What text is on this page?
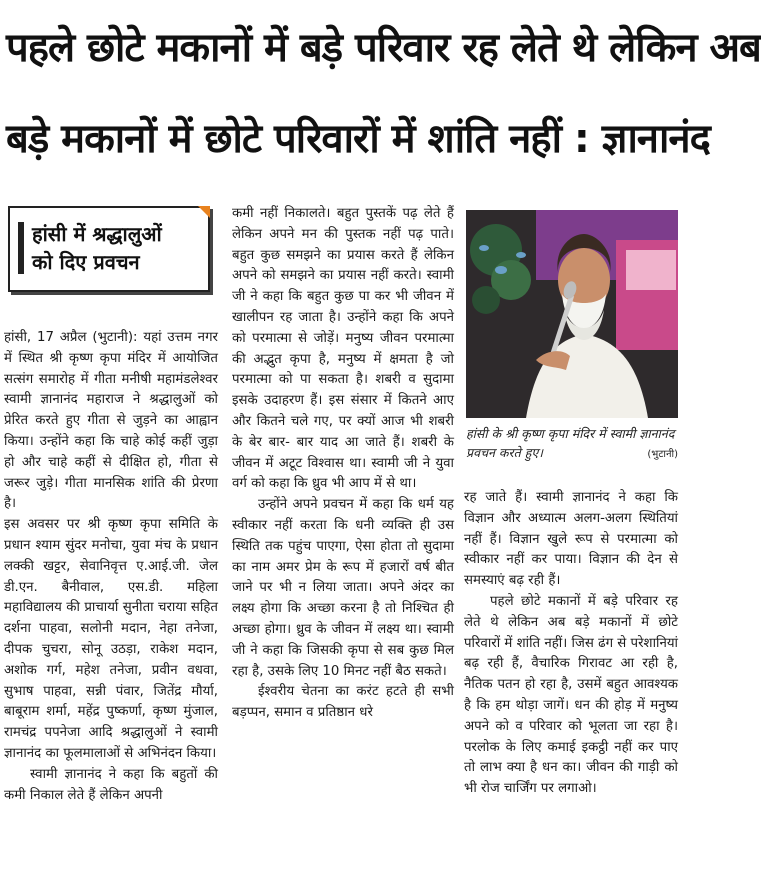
पहले छोटे मकानों में बड़े परिवार रह लेते थे लेकिन अब
बड़े मकानों में छोटे परिवारों में शांति नहीं : ज्ञानानंद
हांसी में श्रद्धालुओं
को दिए प्रवचन

हांसी, 17 अप्रैल (भुटानी): यहां उत्तम नगर में स्थित श्री कृष्ण कृपा मंदिर में आयोजित सत्संग समारोह में गीता मनीषी महामंडलेश्वर स्वामी ज्ञानानंद महाराज ने श्रद्धालुओं को प्रेरित करते हुए गीता से जुड़ने का आह्वान किया। उन्होंने कहा कि चाहे कोई कहीं जुड़ा हो और चाहे कहीं से दीक्षित हो, गीता से जरूर जुड़े। गीता मानसिक शांति की प्रेरणा है।

इस अवसर पर श्री कृष्ण कृपा समिति के प्रधान श्याम सुंदर मनोचा, युवा मंच के प्रधान लक्की खट्टर, सेवानिवृत्त ए.आई.जी. जेल डी.एन. बैनीवाल, एस.डी. महिला महाविद्यालय की प्राचार्या सुनीता चराया सहित दर्शना पाहवा, सलोनी मदान, नेहा तनेजा, दीपक चुचरा, सोनू उठड़ा, राकेश मदान, अशोक गर्ग, महेश तनेजा, प्रवीन वधवा, सुभाष पाहवा, सन्नी पंवार, जितेंद्र मौर्या, बाबूराम शर्मा, महेंद्र पुष्कर्णा, कृष्ण मुंजाल, रामचंद्र पपनेजा आदि श्रद्धालुओं ने स्वामी ज्ञानानंद का फूलमालाओं से अभिनंदन किया।

स्वामी ज्ञानानंद ने कहा कि बहुतों की कमी निकाल लेते हैं लेकिन अपनी

कमी नहीं निकालते। बहुत पुस्तकें पढ़ लेते हैं लेकिन अपने मन की पुस्तक नहीं पढ़ पाते। बहुत कुछ समझने का प्रयास करते हैं लेकिन अपने को समझने का प्रयास नहीं करते। स्वामी जी ने कहा कि बहुत कुछ पा कर भी जीवन में खालीपन रह जाता है। उन्होंने कहा कि अपने को परमात्मा से जोड़ें। मनुष्य जीवन परमात्मा की अद्भुत कृपा है, मनुष्य में क्षमता है जो परमात्मा को पा सकता है। शबरी व सुदामा इसके उदाहरण हैं। इस संसार में कितने आए और कितने चले गए, पर क्यों आज भी शबरी के बेर बार- बार याद आ जाते हैं। शबरी के जीवन में अटूट विश्वास था। स्वामी जी ने युवा वर्ग को कहा कि ध्रुव भी आप में से था।

उन्होंने अपने प्रवचन में कहा कि धर्म यह स्वीकार नहीं करता कि धनी व्यक्ति ही उस स्थिति तक पहुंच पाएगा, ऐसा होता तो सुदामा का नाम अमर प्रेम के रूप में हजारों वर्ष बीत जाने पर भी न लिया जाता। अपने अंदर का लक्ष्य होगा कि अच्छा करना है तो निश्चित ही अच्छा होगा। ध्रुव के जीवन में लक्ष्य था। स्वामी जी ने कहा कि जिसकी कृपा से सब कुछ मिल रहा है, उसके लिए 10 मिनट नहीं बैठ सकते।

ईश्वरीय चेतना का करंट हटते ही सभी बड़प्पन, समान व प्रतिष्ठान धरे

हांसी के श्री कृष्ण कृपा मंदिर में स्वामी ज्ञानानंद प्रवचन करते हुए।	(भुटानी)

रह जाते हैं। स्वामी ज्ञानानंद ने कहा कि विज्ञान और अध्यात्म अलग-अलग स्थितियां नहीं हैं। विज्ञान खुले रूप से परमात्मा को स्वीकार नहीं कर पाया। विज्ञान की देन से समस्याएं बढ़ रही हैं।

पहले छोटे मकानों में बड़े परिवार रह लेते थे लेकिन अब बड़े मकानों में छोटे परिवारों में शांति नहीं। जिस ढंग से परेशानियां बढ़ रही हैं, वैचारिक गिरावट आ रही है, नैतिक पतन हो रहा है, उसमें बहुत आवश्यक है कि हम थोड़ा जागें। धन की होड़ में मनुष्य अपने को व परिवार को भूलता जा रहा है। परलोक के लिए कमाई इकट्ठी नहीं कर पाए तो लाभ क्या है धन का। जीवन की गाड़ी को भी रोज चार्जिंग पर लगाओ।
